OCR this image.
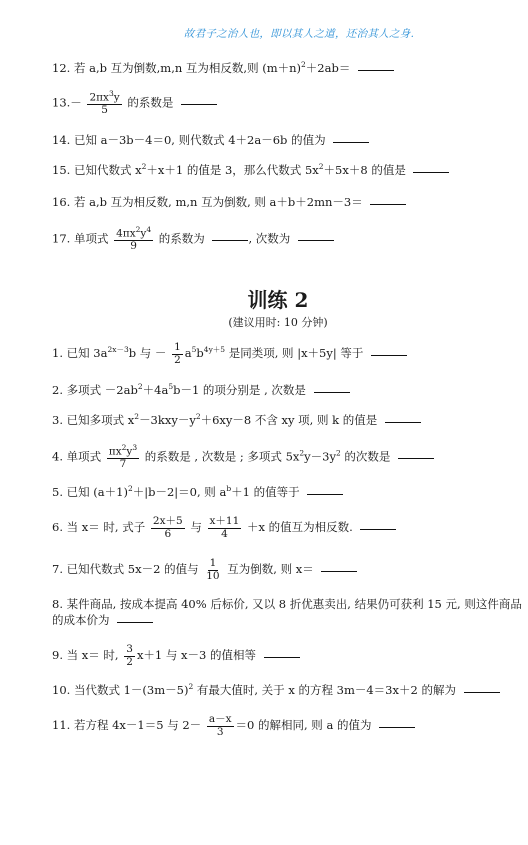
故君子之治人也，即以其人之道，还治其人之身.
12. 若 a,b 互为倒数,m,n 互为相反数,则 $(m+n)^2+2ab=$
$13.- \frac{2\pi x^3y}{5}$ 的系数是
14. 已知 a－3b－4＝0, 则代数式 4＋2a－6b 的值为
15. 已知代数式 $x^2+x+1$ 的值是 3，那么代数式 $5x^2+5x+8$ 的值是
16. 若 a,b 互为相反数, m,n 互为倒数, 则 a＋b＋2mn－3＝
17. 单项式 $\frac{4\pi x^2y^4}{9}$ 的系数为	, 次数为
训练 2
(建议用时: 10 分钟)
1. 已知 $3a^{2x-3}b$ 与 － $\frac{1}{2} a^5b^{4y+5}$ 是同类项, 则 |x＋5y| 等于
2. 多项式 $-2ab^2+4a^5b-1$ 的项分别是 , 次数是
3. 已知多项式 $x^2-3kxy-y^2+6xy-8$ 不含 xy 项, 则 k 的值是
4. 单项式 $\frac{\pi x^2y^3}{7}$ 的系数是 , 次数是 ; 多项式 $5x^2y-3y^2$ 的次数是
5. 已知 $(a+1)^2+|b-2|=0$, 则 $a^b+1$ 的值等于
6. 当 x＝ 时, 式子 $\frac{2x+5}{6}$ 与 $\frac{x+11}{4} +x$ 的值互为相反数.
7. 已知代数式 5x－2 的值与 $\frac{1}{10}$ 互为倒数, 则 x＝
8. 某件商品, 按成本提高 40% 后标价, 又以 8 折优惠卖出, 结果仍可获利 15 元, 则这件商品的成本价为
9. 当 x＝ 时, $\frac{3}{2} x+1$ 与 x－3 的值相等
10. 当代数式 $1-(3m-5)^2$ 有最大值时, 关于 x 的方程 3m－4＝3x＋2 的解为
11. 若方程 4x－1＝5 与 $2- \frac{a-x}{3} =0$ 的解相同, 则 a 的值为
